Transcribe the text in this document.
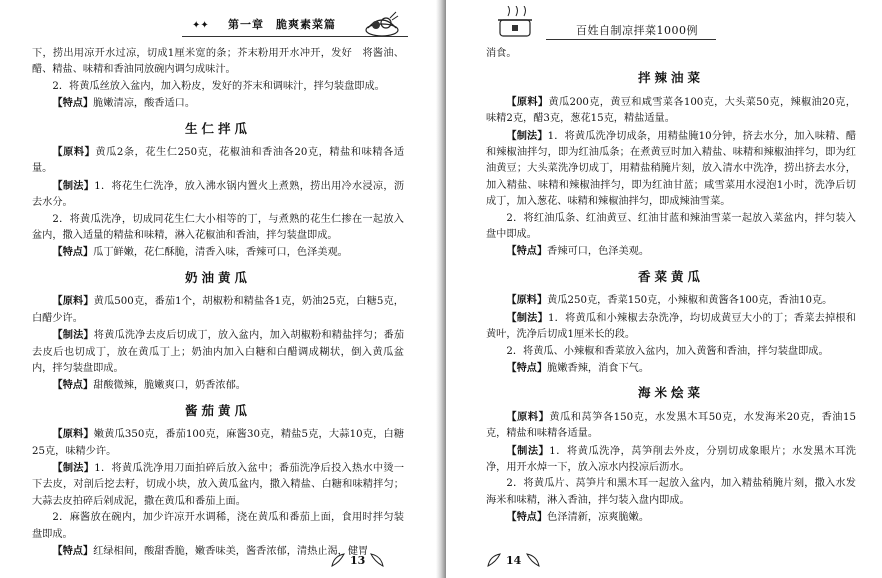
✦✦ 第一章　脆爽素菜篇

下，捞出用凉开水过凉，切成1厘米宽的条；芥末粉用开水冲开，发好　将酱油、醋、精盐、味精和香油同放碗内调匀成味汁。

2．将黄瓜丝放入盆内，加入粉皮，发好的芥末和调味汁，拌匀装盘即成。

【特点】脆嫩清凉，酸香适口。

生仁拌瓜

【原料】黄瓜2条，花生仁250克，花椒油和香油各20克，精盐和味精各适量。

【制法】1．将花生仁洗净，放入沸水锅内置火上煮熟，捞出用冷水浸凉，沥去水分。

2．将黄瓜洗净，切成同花生仁大小相等的丁，与煮熟的花生仁掺在一起放入盆内，撒入适量的精盐和味精，淋入花椒油和香油，拌匀装盘即成。

【特点】瓜丁鲜嫩，花仁酥脆，清香入味，香辣可口，色泽美观。

奶油黄瓜

【原料】黄瓜500克，番茄1个，胡椒粉和精盐各1克，奶油25克，白糖5克，白醋少许。

【制法】将黄瓜洗净去皮后切成丁，放入盆内，加入胡椒粉和精盐拌匀；番茄去皮后也切成丁，放在黄瓜丁上；奶油内加入白糖和白醋调成糊状，倒入黄瓜盆内，拌匀装盘即成。

【特点】甜酸微辣，脆嫩爽口，奶香浓郁。

酱茄黄瓜

【原料】嫩黄瓜350克，番茄100克，麻酱30克，精盐5克，大蒜10克，白糖25克，味精少许。

【制法】1．将黄瓜洗净用刀面拍碎后放入盆中；番茄洗净后投入热水中烫一下去皮，对剖后挖去籽，切成小块，放入黄瓜盆内，撒入精盐、白糖和味精拌匀；大蒜去皮拍碎后剁成泥，撒在黄瓜和番茄上面。

2．麻酱放在碗内，加少许凉开水调稀，浇在黄瓜和番茄上面，食用时拌匀装盘即成。

【特点】红绿相间，酸甜香脆，嫩香味美，酱香浓郁，清热止渴，健胃

13
百姓自制凉拌菜1000例

消食。

拌辣油菜

【原料】黄瓜200克，黄豆和咸雪菜各100克，大头菜50克，辣椒油20克，味精2克，醋3克，葱花15克，精盐适量。

【制法】1．将黄瓜洗净切成条，用精盐腌10分钟，挤去水分，加入味精、醋和辣椒油拌匀，即为红油瓜条；在煮黄豆时加入精盐、味精和辣椒油拌匀，即为红油黄豆；大头菜洗净切成丁，用精盐稍腌片刻，放入清水中洗净，捞出挤去水分，加入精盐、味精和辣椒油拌匀，即为红油甘蓝；咸雪菜用水浸泡1小时，洗净后切成丁，加入葱花、味精和辣椒油拌匀，即成辣油雪菜。

2．将红油瓜条、红油黄豆、红油甘蓝和辣油雪菜一起放入菜盆内，拌匀装入盘中即成。

【特点】香辣可口，色泽美观。

香菜黄瓜

【原料】黄瓜250克，香菜150克，小辣椒和黄酱各100克，香油10克。

【制法】1．将黄瓜和小辣椒去杂洗净，均切成黄豆大小的丁；香菜去掉根和黄叶，洗净后切成1厘米长的段。

2．将黄瓜、小辣椒和香菜放入盆内，加入黄酱和香油，拌匀装盘即成。

【特点】脆嫩香辣，消食下气。

海米烩菜

【原料】黄瓜和莴笋各150克，水发黑木耳50克，水发海米20克，香油15克，精盐和味精各适量。

【制法】1．将黄瓜洗净，莴笋削去外皮，分别切成象眼片；水发黑木耳洗净，用开水焯一下，放入凉水内投凉后沥水。

2．将黄瓜片、莴笋片和黑木耳一起放入盆内，加入精盐稍腌片刻，撒入水发海米和味精，淋入香油，拌匀装入盘内即成。

【特点】色泽清新，凉爽脆嫩。

14
